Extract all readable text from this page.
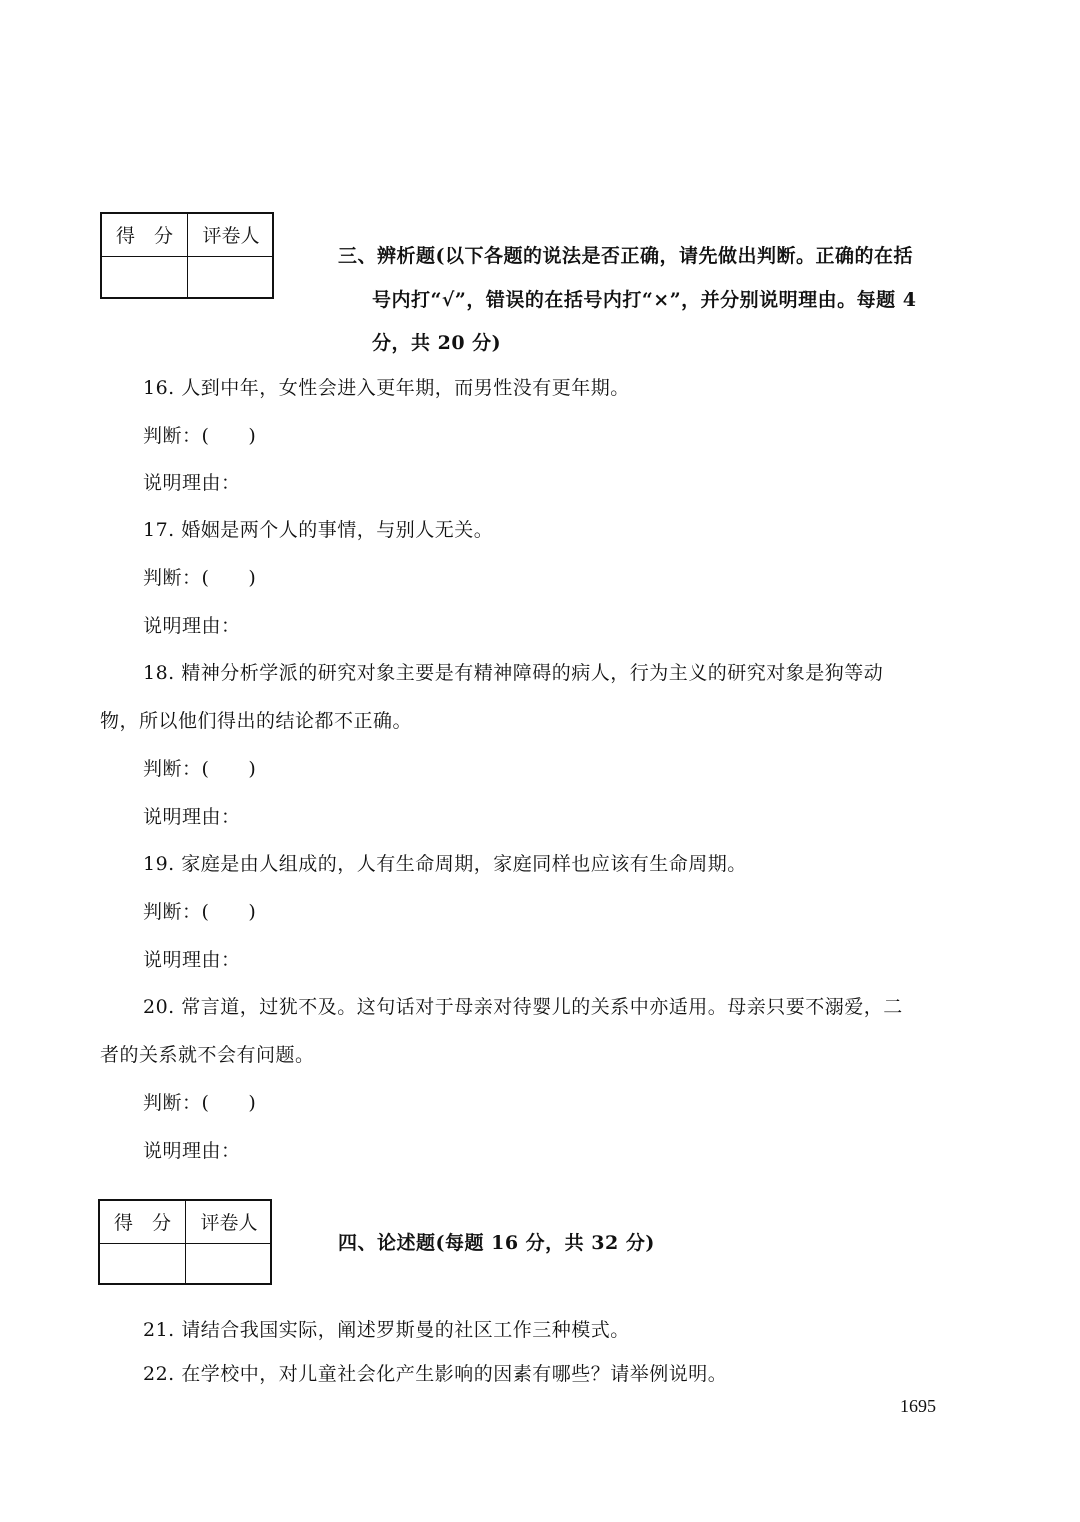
得　分	评卷人

三、辨析题(以下各题的说法是否正确，请先做出判断。正确的在括

号内打“√”，错误的在括号内打“×”，并分别说明理由。每题 4

分，共 20 分)

16. 人到中年，女性会进入更年期，而男性没有更年期。

判断：(　　)

说明理由：

17. 婚姻是两个人的事情，与别人无关。

判断：(　　)

说明理由：

18. 精神分析学派的研究对象主要是有精神障碍的病人，行为主义的研究对象是狗等动

物，所以他们得出的结论都不正确。

判断：(　　)

说明理由：

19. 家庭是由人组成的，人有生命周期，家庭同样也应该有生命周期。

判断：(　　)

说明理由：

20. 常言道，过犹不及。这句话对于母亲对待婴儿的关系中亦适用。母亲只要不溺爱，二

者的关系就不会有问题。

判断：(　　)

说明理由：

得　分	评卷人

四、论述题(每题 16 分，共 32 分)

21. 请结合我国实际，阐述罗斯曼的社区工作三种模式。

22. 在学校中，对儿童社会化产生影响的因素有哪些？请举例说明。

1695
